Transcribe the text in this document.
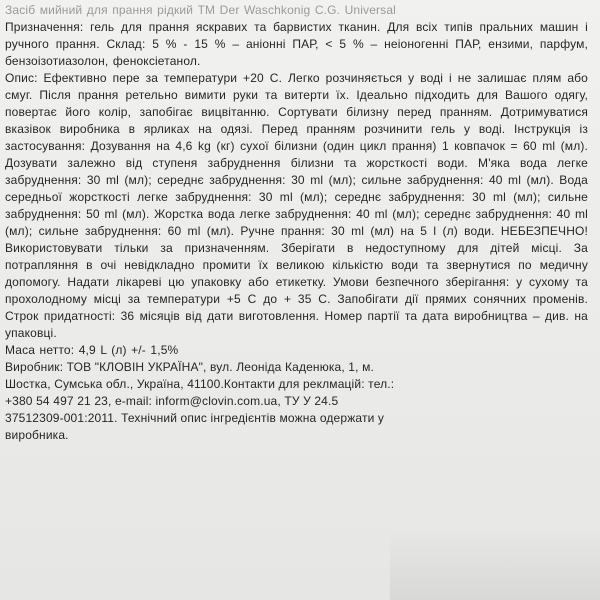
Засіб мийний для прання рідкий ТМ Der Waschkonig C.G. Universal

Призначення: гель для прання яскравих та барвистих тканин. Для всіх типів пральних машин і ручного прання. Склад: 5 % - 15 % – аніонні ПАР, < 5 % – неіоногенні ПАР, ензими, парфум, бензоізотиазолон, феноксіетанол.

Опис: Ефективно пере за температури +20 С. Легко розчиняється у воді і не залишає плям або смуг. Після прання ретельно вимити руки та витерти їх. Ідеально підходить для Вашого одягу, повертає його колір, запобігає вицвітанню. Сортувати білизну перед пранням. Дотримуватися вказівок виробника в ярликах на одязі. Перед пранням розчинити гель у воді. Інструкція із застосування: Дозування на 4,6 kg (кг) сухої білизни (один цикл прання) 1 ковпачок = 60 ml (мл). Дозувати залежно від ступеня забруднення білизни та жорсткості води. М'яка вода легке забруднення: 30 ml (мл); середнє забруднення: 30 ml (мл); сильне забруднення: 40 ml (мл). Вода середньої жорсткості легке забруднення: 30 ml (мл); середнє забруднення: 30 ml (мл); сильне забруднення: 50 ml (мл). Жорстка вода легке забруднення: 40 ml (мл); середнє забруднення: 40 ml (мл); сильне забруднення: 60 ml (мл). Ручне прання: 30 ml (мл) на 5 l (л) води. НЕБЕЗПЕЧНО! Використовувати тільки за призначенням. Зберігати в недоступному для дітей місці. За потрапляння в очі невідкладно промити їх великою кількістю води та звернутися по медичну допомогу. Надати лікареві цю упаковку або етикетку. Умови безпечного зберігання: у сухому та прохолодному місці за температури +5 С до + 35 С. Запобігати дії прямих сонячних променів. Строк придатності: 36 місяців від дати виготовлення. Номер партії та дата виробництва – див. на упаковці.

Маса нетто: 4,9 L (л) +/- 1,5%

Виробник: ТОВ "КЛОВІН УКРАЇНА", вул. Леоніда Каденюка, 1, м.
Шостка, Сумська обл., Україна, 41100.Контакти для реклмацій: тел.:
+380 54 497 21 23, e-mail: inform@clovin.com.ua, ТУ У 24.5
37512309-001:2011. Технічний опис інгредієнтів можна одержати у
виробника.
